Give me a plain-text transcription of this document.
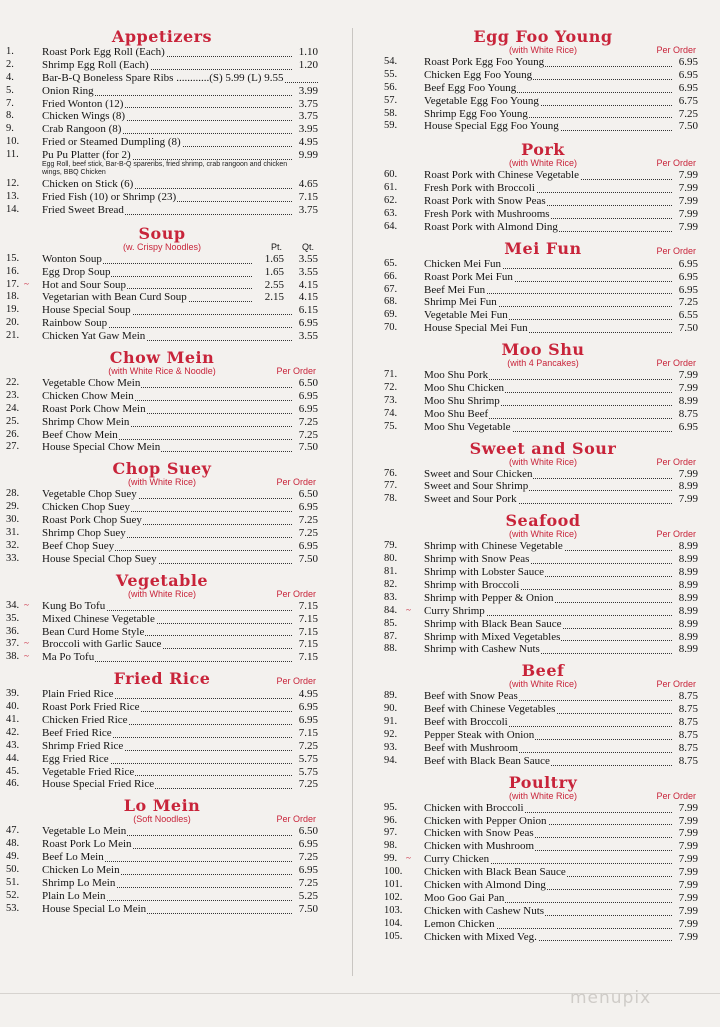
Appetizers
1.	Roast Pork Egg Roll (Each)	1.10
2.	Shrimp Egg Roll (Each)	1.20
4.	Bar-B-Q Boneless Spare Ribs ............(S) 5.99 (L) 9.55
5.	Onion Ring	3.99
7.	Fried Wonton (12)	3.75
8.	Chicken Wings (8)	3.75
9.	Crab Rangoon (8)	3.95
10.	Fried or Steamed Dumpling (8)	4.95
11.	Pu Pu Platter (for 2)	9.99
Egg Roll, beef stick, Bar-B-Q spareribs, fried shrimp, crab rangoon and chicken wings, BBQ Chicken
12.	Chicken on Stick (6)	4.65
13.	Fried Fish (10) or Shrimp (23)	7.15
14.	Fried Sweet Bread	3.75
Soup
(w. Crispy Noodles)	Pt. Qt.
15.	Wonton Soup	1.65 3.55
16.	Egg Drop Soup	1.65 3.55
17. ~ Hot and Sour Soup	2.55 4.15
18.	Vegetarian with Bean Curd Soup	2.15 4.15
19.	House Special Soup	6.15
20.	Rainbow Soup	6.95
21.	Chicken Yat Gaw Mein	3.55
Chow Mein
(with White Rice & Noodle)	Per Order
22.	Vegetable Chow Mein	6.50
23.	Chicken Chow Mein	6.95
24.	Roast Pork Chow Mein	6.95
25.	Shrimp Chow Mein	7.25
26.	Beef Chow Mein	7.25
27.	House Special Chow Mein	7.50
Chop Suey
(with White Rice)	Per Order
28.	Vegetable Chop Suey	6.50
29.	Chicken Chop Suey	6.95
30.	Roast Pork Chop Suey	7.25
31.	Shrimp Chop Suey	7.25
32.	Beef Chop Suey	6.95
33.	House Special Chop Suey	7.50
Vegetable
(with White Rice)	Per Order
34. ~ Kung Bo Tofu	7.15
35.	Mixed Chinese Vegetable	7.15
36.	Bean Curd Home Style	7.15
37. ~ Broccoli with Garlic Sauce	7.15
38. ~ Ma Po Tofu	7.15
Fried Rice	Per Order
39.	Plain Fried Rice	4.95
40.	Roast Pork Fried Rice	6.95
41.	Chicken Fried Rice	6.95
42.	Beef Fried Rice	7.15
43.	Shrimp Fried Rice	7.25
44.	Egg Fried Rice	5.75
45.	Vegetable Fried Rice	5.75
46.	House Special Fried Rice	7.25
Lo Mein
(Soft Noodles)	Per Order
47.	Vegetable Lo Mein	6.50
48.	Roast Pork Lo Mein	6.95
49.	Beef Lo Mein	7.25
50.	Chicken Lo Mein	6.95
51.	Shrimp Lo Mein	7.25
52.	Plain Lo Mein	5.25
53.	House Special Lo Mein	7.50
Egg Foo Young
(with White Rice)	Per Order
54.	Roast Pork Egg Foo Young	6.95
55.	Chicken Egg Foo Young	6.95
56.	Beef Egg Foo Young	6.95
57.	Vegetable Egg Foo Young	6.75
58.	Shrimp Egg Foo Young	7.25
59.	House Special Egg Foo Young	7.50
Pork
(with White Rice)	Per Order
60.	Roast Pork with Chinese Vegetable	7.99
61.	Fresh Pork with Broccoli	7.99
62.	Roast Pork with Snow Peas	7.99
63.	Fresh Pork with Mushrooms	7.99
64.	Roast Pork with Almond Ding	7.99
Mei Fun	Per Order
65.	Chicken Mei Fun	6.95
66.	Roast Pork Mei Fun	6.95
67.	Beef Mei Fun	6.95
68.	Shrimp Mei Fun	7.25
69.	Vegetable Mei Fun	6.55
70.	House Special Mei Fun	7.50
Moo Shu
(with 4 Pancakes)	Per Order
71.	Moo Shu Pork	7.99
72.	Moo Shu Chicken	7.99
73.	Moo Shu Shrimp	8.99
74.	Moo Shu Beef	8.75
75.	Moo Shu Vegetable	6.95
Sweet and Sour
(with White Rice)	Per Order
76.	Sweet and Sour Chicken	7.99
77.	Sweet and Sour Shrimp	8.99
78.	Sweet and Sour Pork	7.99
Seafood
(with White Rice)	Per Order
79.	Shrimp with Chinese Vegetable	8.99
80.	Shrimp with Snow Peas	8.99
81.	Shrimp with Lobster Sauce	8.99
82.	Shrimp with Broccoli	8.99
83.	Shrimp with Pepper & Onion	8.99
84. ~ Curry Shrimp	8.99
85.	Shrimp with Black Bean Sauce	8.99
87.	Shrimp with Mixed Vegetables	8.99
88.	Shrimp with Cashew Nuts	8.99
Beef
(with White Rice)	Per Order
89.	Beef with Snow Peas	8.75
90.	Beef with Chinese Vegetables	8.75
91.	Beef with Broccoli	8.75
92.	Pepper Steak with Onion	8.75
93.	Beef with Mushroom	8.75
94.	Beef with Black Bean Sauce	8.75
Poultry
(with White Rice)	Per Order
95.	Chicken with Broccoli	7.99
96.	Chicken with Pepper Onion	7.99
97.	Chicken with Snow Peas	7.99
98.	Chicken with Mushroom	7.99
99. ~ Curry Chicken	7.99
100.	Chicken with Black Bean Sauce	7.99
101.	Chicken with Almond Ding	7.99
102.	Moo Goo Gai Pan	7.99
103.	Chicken with Cashew Nuts	7.99
104.	Lemon Chicken	7.99
105.	Chicken with Mixed Veg.	7.99
menupix
